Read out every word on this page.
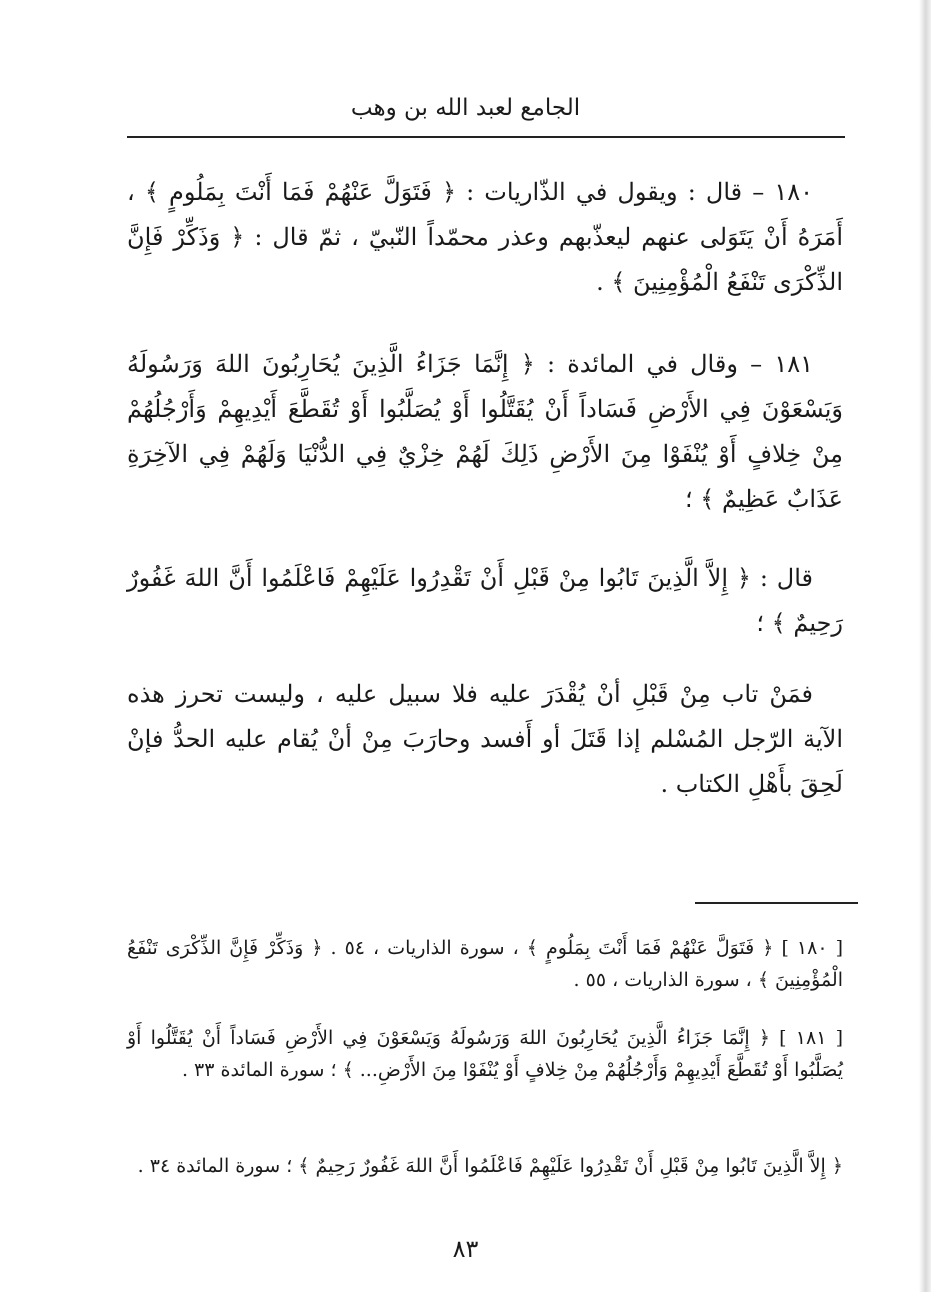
الجامع لعبد الله بن وهب
١٨٠ – قال : ويقول في الذّاريات : ﴿ فَتَوَلَّ عَنْهُمْ فَمَا أَنْتَ بِمَلُومٍ ﴾ ، أَمَرَهُ أَنْ يَتَوَلى عنهم ليعذّبهم وعذر محمّداً النّبيّ ، ثمّ قال : ﴿ وَذَكِّرْ فَإِنَّ الذِّكْرَى تَنْفَعُ الْمُؤْمِنِينَ ﴾ .
١٨١ – وقال في المائدة : ﴿ إِنَّمَا جَزَاءُ الَّذِينَ يُحَارِبُونَ اللهَ وَرَسُولَهُ وَيَسْعَوْنَ فِي الأَرْضِ فَسَاداً أَنْ يُقَتَّلُوا أَوْ يُصَلَّبُوا أَوْ تُقَطَّعَ أَيْدِيهِمْ وَأَرْجُلُهُمْ مِنْ خِلافٍ أَوْ يُنْفَوْا مِنَ الأَرْضِ ذَلِكَ لَهُمْ خِزْيٌ فِي الدُّنْيَا وَلَهُمْ فِي الآخِرَةِ عَذَابٌ عَظِيمٌ ﴾ ؛
قال : ﴿ إِلاَّ الَّذِينَ تَابُوا مِنْ قَبْلِ أَنْ تَقْدِرُوا عَلَيْهِمْ فَاعْلَمُوا أَنَّ اللهَ غَفُورٌ رَحِيمٌ ﴾ ؛
فمَنْ تاب مِنْ قَبْلِ أنْ يُقْدَرَ عليه فلا سبيل عليه ، وليست تحرز هذه الآية الرّجل المُسْلم إذا قَتَلَ أو أَفسد وحارَبَ مِنْ أنْ يُقام عليه الحدُّ فإنْ لَحِقَ بأَهْلِ الكتاب .
[ ١٨٠ ] ﴿ فَتَوَلَّ عَنْهُمْ فَمَا أَنْتَ بِمَلُومٍ ﴾ ، سورة الذاريات ، ٥٤ . ﴿ وَذَكِّرْ فَإِنَّ الذِّكْرَى تَنْفَعُ الْمُؤْمِنِينَ ﴾ ، سورة الذاريات ، ٥٥ .
[ ١٨١ ] ﴿ إِنَّمَا جَزَاءُ الَّذِينَ يُحَارِبُونَ اللهَ وَرَسُولَهُ وَيَسْعَوْنَ فِي الأَرْضِ فَسَاداً أَنْ يُقَتَّلُوا أَوْ يُصَلَّبُوا أَوْ تُقَطَّعَ أَيْدِيهِمْ وَأَرْجُلُهُمْ مِنْ خِلافٍ أَوْ يُنْفَوْا مِنَ الأَرْضِ... ﴾ ؛ سورة المائدة ٣٣ .
﴿ إِلاَّ الَّذِينَ تَابُوا مِنْ قَبْلِ أَنْ تَقْدِرُوا عَلَيْهِمْ فَاعْلَمُوا أَنَّ اللهَ غَفُورٌ رَحِيمٌ ﴾ ؛ سورة المائدة ٣٤ .
٨٣
